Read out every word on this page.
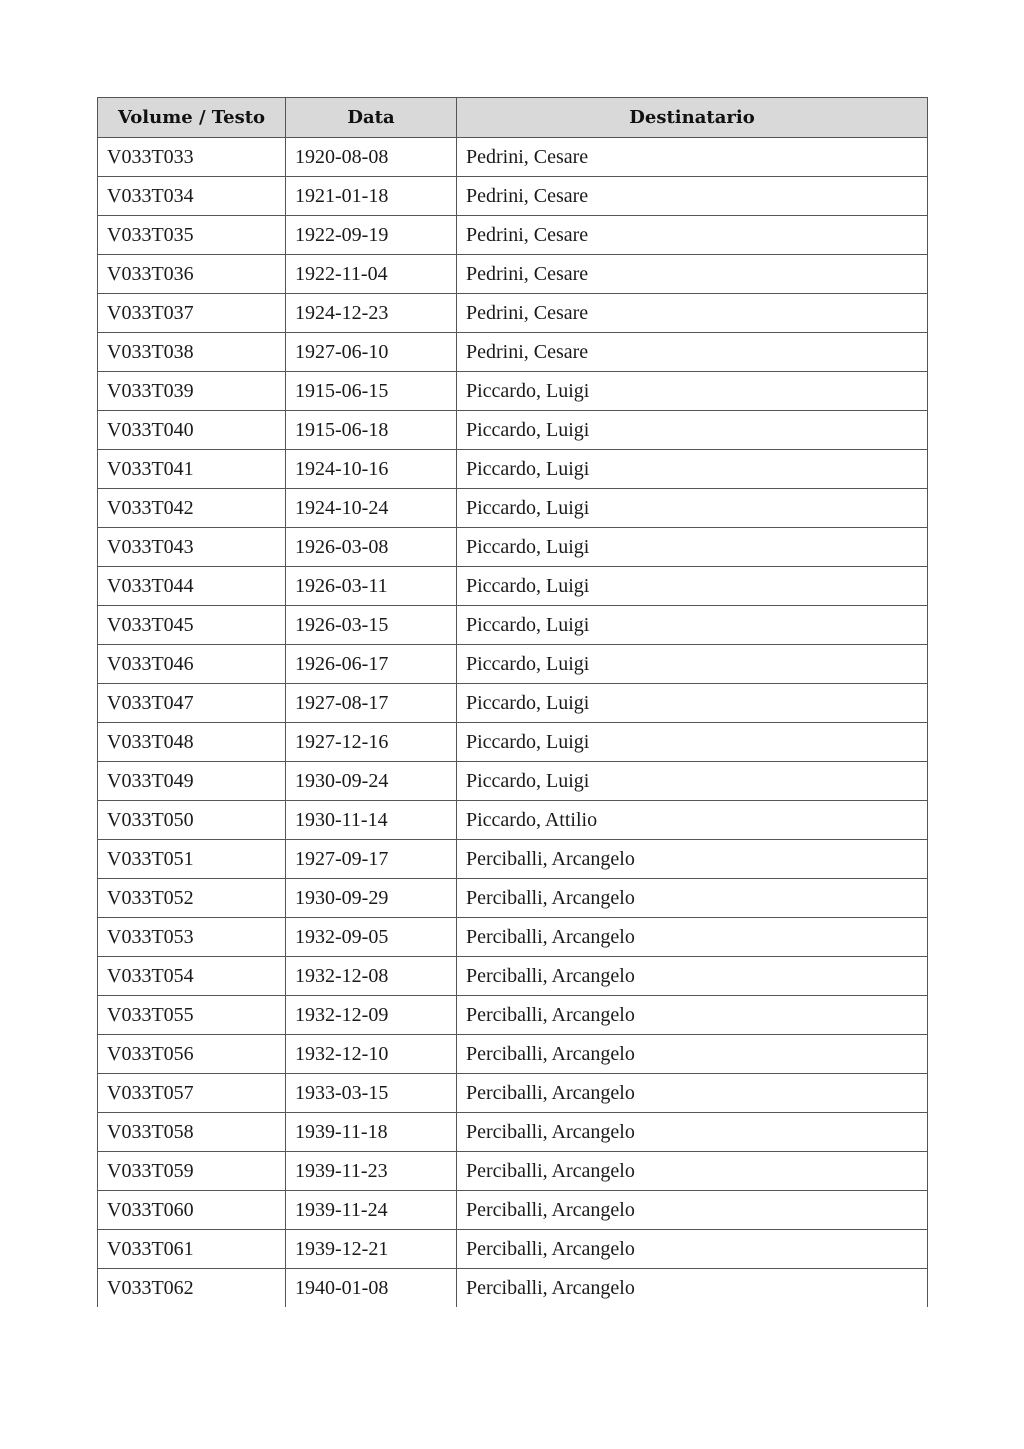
Volume / Testo	Data	Destinatario
V033T033	1920-08-08	Pedrini, Cesare
V033T034	1921-01-18	Pedrini, Cesare
V033T035	1922-09-19	Pedrini, Cesare
V033T036	1922-11-04	Pedrini, Cesare
V033T037	1924-12-23	Pedrini, Cesare
V033T038	1927-06-10	Pedrini, Cesare
V033T039	1915-06-15	Piccardo, Luigi
V033T040	1915-06-18	Piccardo, Luigi
V033T041	1924-10-16	Piccardo, Luigi
V033T042	1924-10-24	Piccardo, Luigi
V033T043	1926-03-08	Piccardo, Luigi
V033T044	1926-03-11	Piccardo, Luigi
V033T045	1926-03-15	Piccardo, Luigi
V033T046	1926-06-17	Piccardo, Luigi
V033T047	1927-08-17	Piccardo, Luigi
V033T048	1927-12-16	Piccardo, Luigi
V033T049	1930-09-24	Piccardo, Luigi
V033T050	1930-11-14	Piccardo, Attilio
V033T051	1927-09-17	Perciballi, Arcangelo
V033T052	1930-09-29	Perciballi, Arcangelo
V033T053	1932-09-05	Perciballi, Arcangelo
V033T054	1932-12-08	Perciballi, Arcangelo
V033T055	1932-12-09	Perciballi, Arcangelo
V033T056	1932-12-10	Perciballi, Arcangelo
V033T057	1933-03-15	Perciballi, Arcangelo
V033T058	1939-11-18	Perciballi, Arcangelo
V033T059	1939-11-23	Perciballi, Arcangelo
V033T060	1939-11-24	Perciballi, Arcangelo
V033T061	1939-12-21	Perciballi, Arcangelo
V033T062	1940-01-08	Perciballi, Arcangelo
